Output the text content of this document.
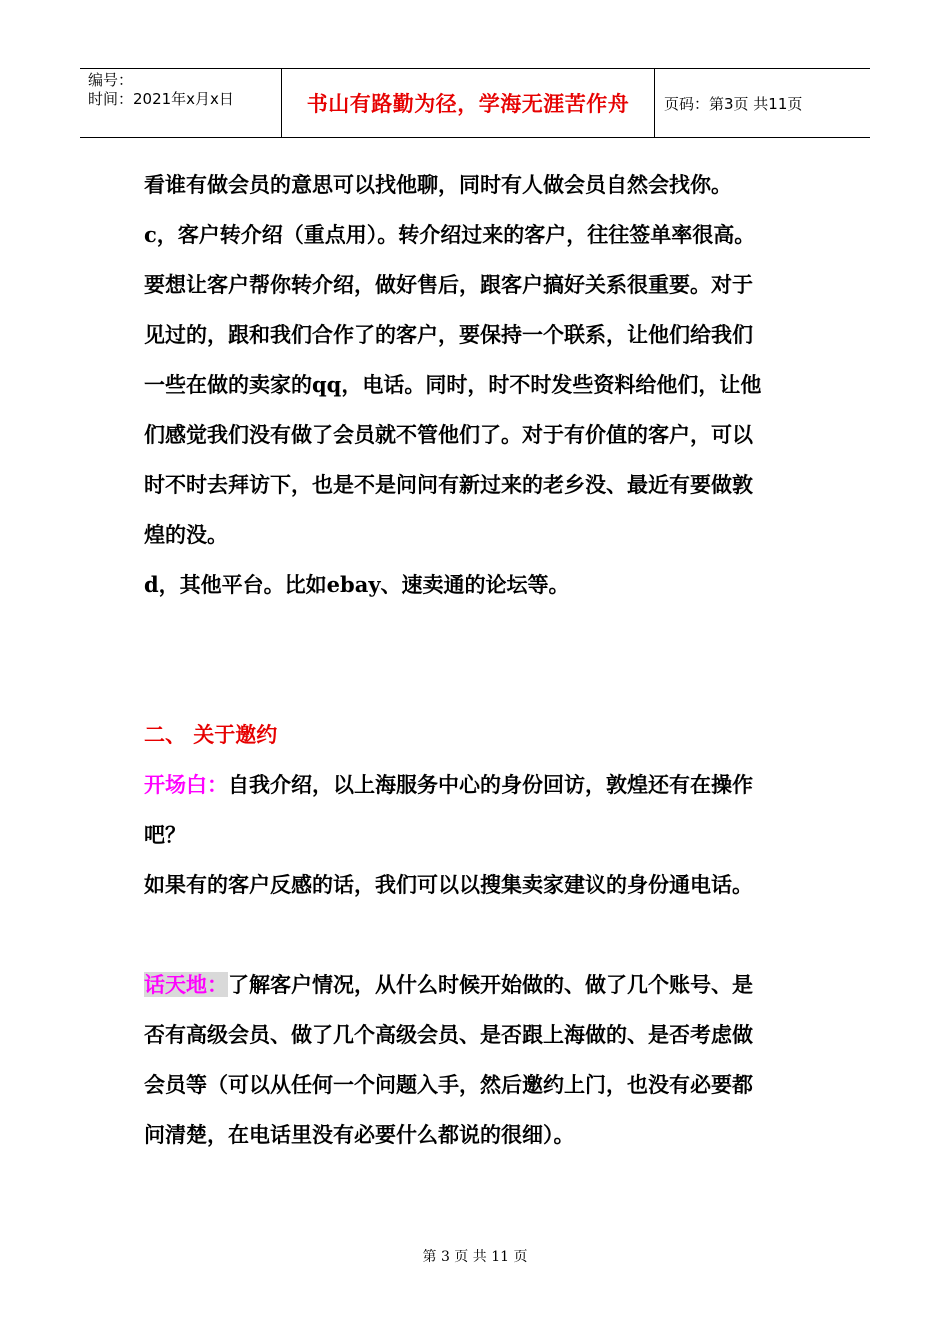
编号：
时间：2021年x月x日	书山有路勤为径，学海无涯苦作舟 页码：第3页 共11页
看谁有做会员的意思可以找他聊，同时有人做会员自然会找你。
c，客户转介绍（重点用）。转介绍过来的客户，往往签单率很高。
要想让客户帮你转介绍，做好售后，跟客户搞好关系很重要。对于
见过的，跟和我们合作了的客户，要保持一个联系，让他们给我们
一些在做的卖家的qq，电话。同时，时不时发些资料给他们，让他
们感觉我们没有做了会员就不管他们了。对于有价值的客户，可以
时不时去拜访下，也是不是问问有新过来的老乡没、最近有要做敦
煌的没。
d，其他平台。比如ebay、速卖通的论坛等。
二、 关于邀约
开场白：自我介绍，以上海服务中心的身份回访，敦煌还有在操作
吧？
如果有的客户反感的话，我们可以以搜集卖家建议的身份通电话。
话天地：了解客户情况，从什么时候开始做的、做了几个账号、是
否有高级会员、做了几个高级会员、是否跟上海做的、是否考虑做
会员等（可以从任何一个问题入手，然后邀约上门，也没有必要都
问清楚，在电话里没有必要什么都说的很细）。
第 3 页 共 11 页
